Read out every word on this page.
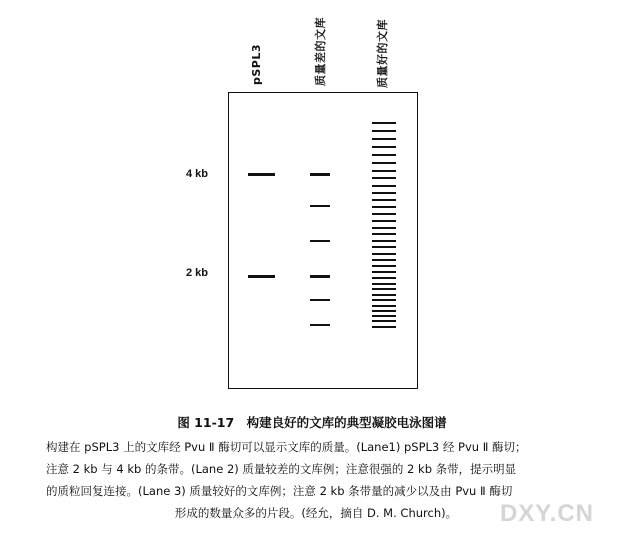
pSPL3	质量差的文库	质量好的文库
4 kb
2 kb
图 11-17　构建良好的文库的典型凝胶电泳图谱
构建在 pSPL3 上的文库经 Pvu Ⅱ 酶切可以显示文库的质量。(Lane1) pSPL3 经 Pvu Ⅱ 酶切；
注意 2 kb 与 4 kb 的条带。(Lane 2) 质量较差的文库例；注意很强的 2 kb 条带，提示明显
的质粒回复连接。(Lane 3) 质量较好的文库例；注意 2 kb 条带量的减少以及由 Pvu Ⅱ 酶切
形成的数量众多的片段。(经允，摘自 D. M. Church)。	DXY.CN
